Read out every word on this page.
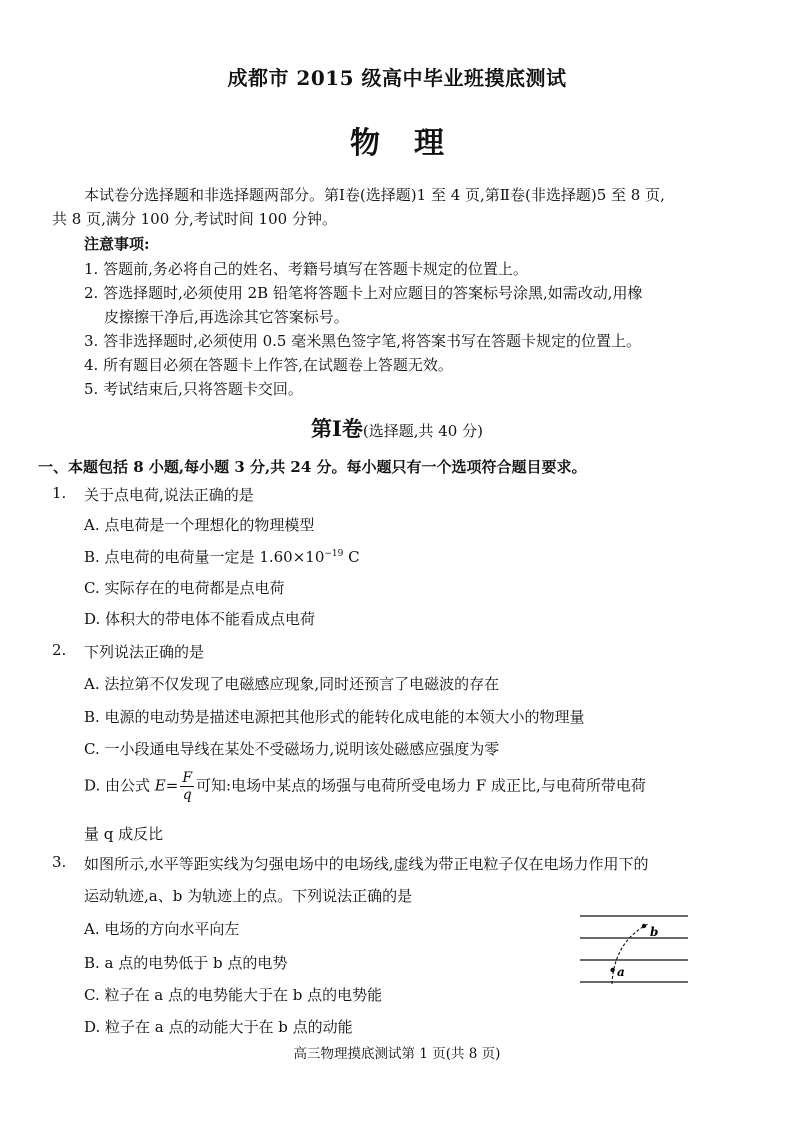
成都市 2015 级高中毕业班摸底测试
物理
本试卷分选择题和非选择题两部分。第Ⅰ卷(选择题)1 至 4 页,第Ⅱ卷(非选择题)5 至 8 页,
共 8 页,满分 100 分,考试时间 100 分钟。
注意事项:
1. 答题前,务必将自己的姓名、考籍号填写在答题卡规定的位置上。
2. 答选择题时,必须使用 2B 铅笔将答题卡上对应题目的答案标号涂黑,如需改动,用橡
皮擦擦干净后,再选涂其它答案标号。
3. 答非选择题时,必须使用 0.5 毫米黑色签字笔,将答案书写在答题卡规定的位置上。
4. 所有题目必须在答题卡上作答,在试题卷上答题无效。
5. 考试结束后,只将答题卡交回。
第Ⅰ卷(选择题,共 40 分)
一、本题包括 8 小题,每小题 3 分,共 24 分。每小题只有一个选项符合题目要求。
1. 关于点电荷,说法正确的是
A. 点电荷是一个理想化的物理模型
B. 点电荷的电荷量一定是 $1.60\times 10^{-19}$ C
C. 实际存在的电荷都是点电荷
D. 体积大的带电体不能看成点电荷
2. 下列说法正确的是
A. 法拉第不仅发现了电磁感应现象,同时还预言了电磁波的存在
B. 电源的电动势是描述电源把其他形式的能转化成电能的本领大小的物理量
C. 一小段通电导线在某处不受磁场力,说明该处磁感应强度为零
D. 由公式 $E= \frac{F}{q}$ 可知:电场中某点的场强与电荷所受电场力 F 成正比,与电荷所带电荷
量 q 成反比
3. 如图所示,水平等距实线为匀强电场中的电场线,虚线为带正电粒子仅在电场力作用下的
运动轨迹,a、b 为轨迹上的点。下列说法正确的是
A. 电场的方向水平向左
B. a 点的电势低于 b 点的电势
C. 粒子在 a 点的电势能大于在 b 点的电势能
D. 粒子在 a 点的动能大于在 b 点的动能
a
b
高三物理摸底测试第 1 页(共 8 页)
